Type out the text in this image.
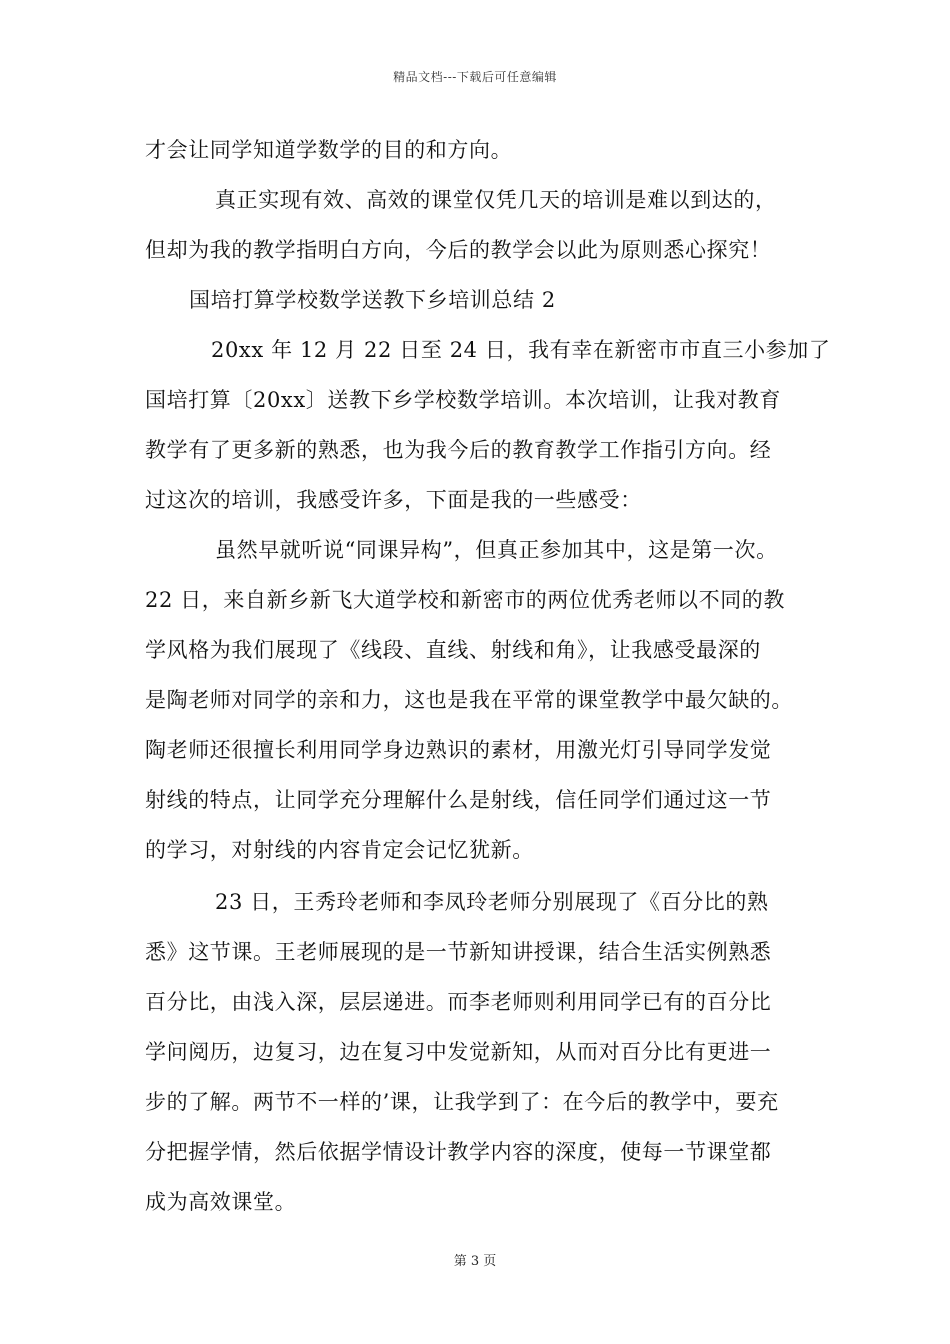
精品文档---下载后可任意编辑
才会让同学知道学数学的目的和方向。
真正实现有效、高效的课堂仅凭几天的培训是难以到达的，
但却为我的教学指明白方向，今后的教学会以此为原则悉心探究！
国培打算学校数学送教下乡培训总结 2
20xx 年 12 月 22 日至 24 日，我有幸在新密市市直三小参加了
国培打算〔20xx〕送教下乡学校数学培训。本次培训，让我对教育
教学有了更多新的熟悉，也为我今后的教育教学工作指引方向。经
过这次的培训，我感受许多，下面是我的一些感受：
虽然早就听说“同课异构”，但真正参加其中，这是第一次。
22 日，来自新乡新飞大道学校和新密市的两位优秀老师以不同的教
学风格为我们展现了《线段、直线、射线和角》，让我感受最深的
是陶老师对同学的亲和力，这也是我在平常的课堂教学中最欠缺的。
陶老师还很擅长利用同学身边熟识的素材，用激光灯引导同学发觉
射线的特点，让同学充分理解什么是射线，信任同学们通过这一节
的学习，对射线的内容肯定会记忆犹新。
23 日，王秀玲老师和李凤玲老师分别展现了《百分比的熟
悉》这节课。王老师展现的是一节新知讲授课，结合生活实例熟悉
百分比，由浅入深，层层递进。而李老师则利用同学已有的百分比
学问阅历，边复习，边在复习中发觉新知，从而对百分比有更进一
步的了解。两节不一样的’课，让我学到了：在今后的教学中，要充
分把握学情，然后依据学情设计教学内容的深度，使每一节课堂都
成为高效课堂。
第 3 页
